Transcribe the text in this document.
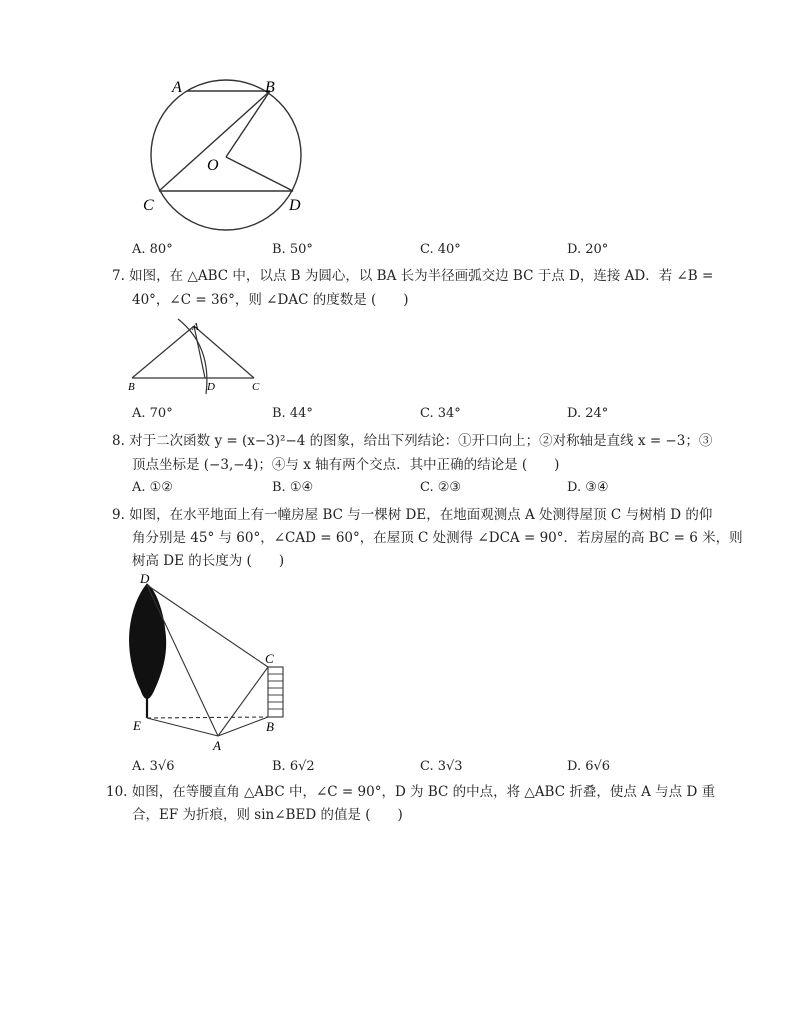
A	B
O
C	D
A. 80°	B. 50°	C. 40°	D. 20°
7. 如图，在 △ABC 中，以点 B 为圆心，以 BA 长为半径画弧交边 BC 于点 D，连接 AD．若 ∠B =
40°，∠C = 36°，则 ∠DAC 的度数是 (　　)
A
B	D	C
A. 70°	B. 44°	C. 34°	D. 24°
8. 对于二次函数 y = (x−3)²−4 的图象，给出下列结论：①开口向上；②对称轴是直线 x = −3；③
顶点坐标是 (−3,−4)；④与 x 轴有两个交点．其中正确的结论是 (　　)
A. ①②	B. ①④	C. ②③	D. ③④
9. 如图，在水平地面上有一幢房屋 BC 与一棵树 DE，在地面观测点 A 处测得屋顶 C 与树梢 D 的仰
角分别是 45° 与 60°，∠CAD = 60°，在屋顶 C 处测得 ∠DCA = 90°．若房屋的高 BC = 6 米，则
树高 DE 的长度为 (　　)
D
C
E
A
B
A. 3√6	B. 6√2	C. 3√3	D. 6√6
10. 如图，在等腰直角 △ABC 中，∠C = 90°，D 为 BC 的中点，将 △ABC 折叠，使点 A 与点 D 重
合，EF 为折痕，则 sin∠BED 的值是 (　　)
